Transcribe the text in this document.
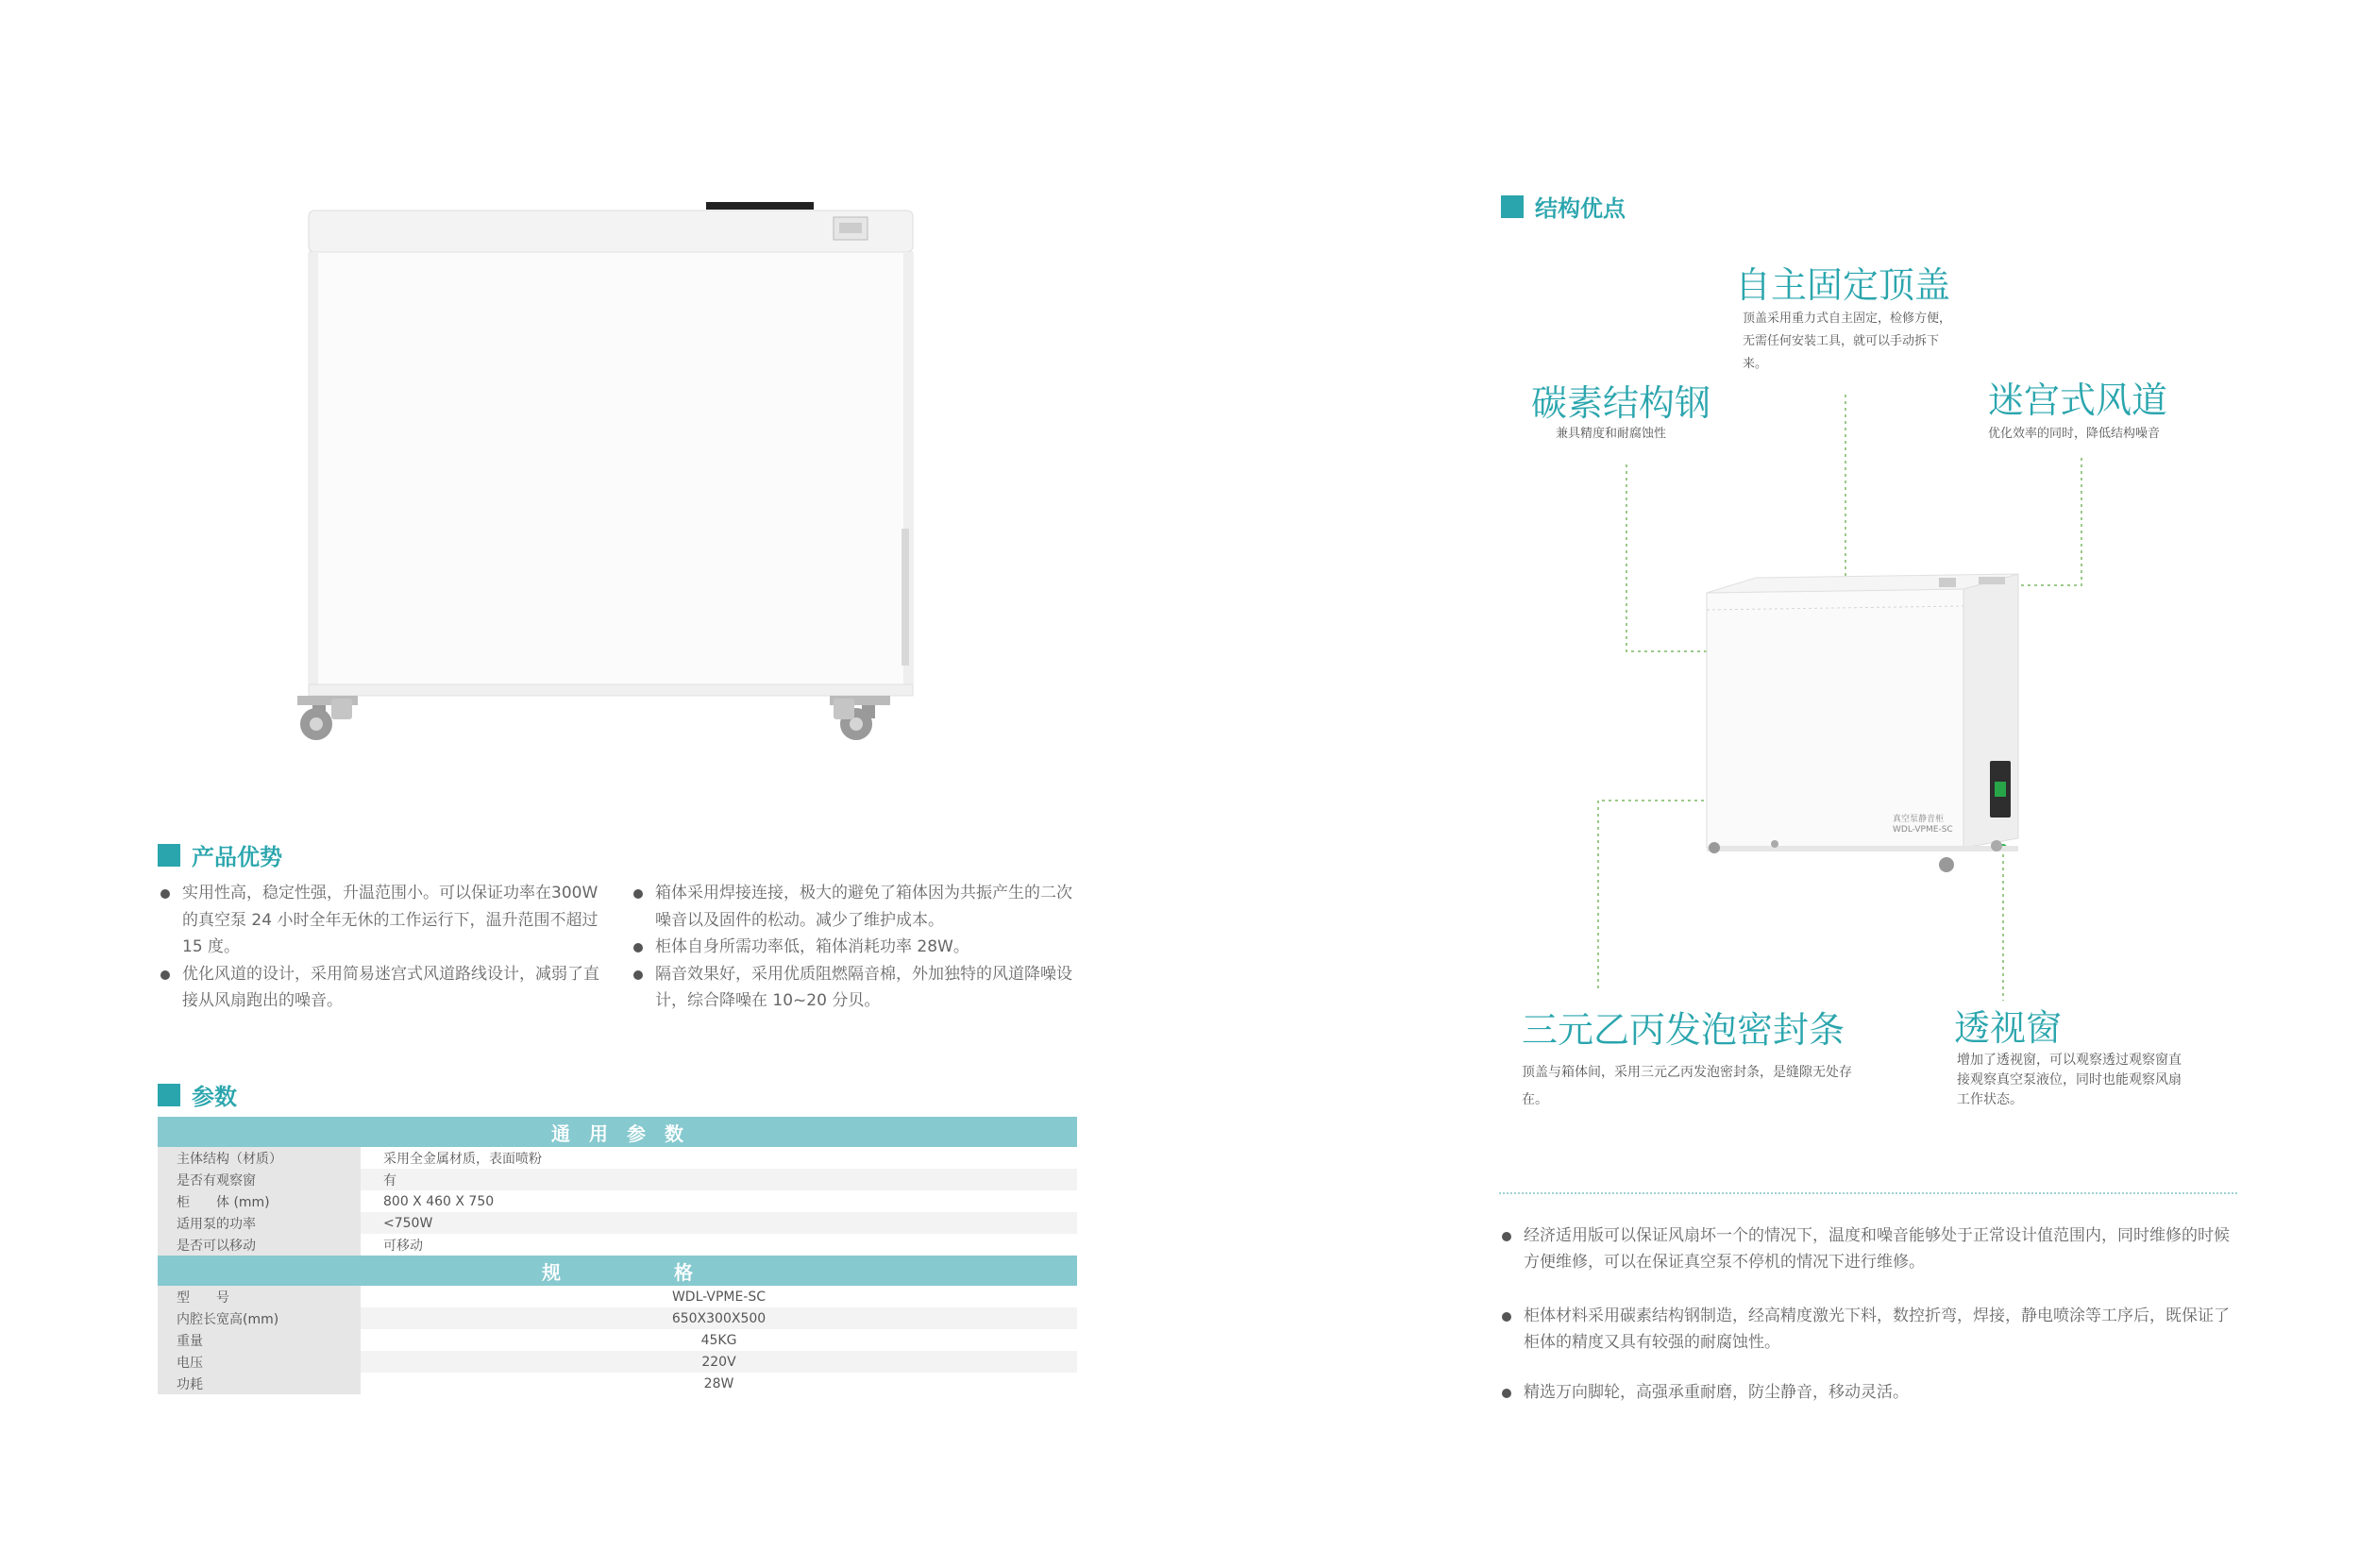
产品优势
实用性高，稳定性强，升温范围小。可以保证功率在300W 的真空泵 24 小时全年无休的工作运行下，温升范围不超过 15 度。
优化风道的设计，采用简易迷宫式风道路线设计，减弱了直接从风扇跑出的噪音。
箱体采用焊接连接，极大的避免了箱体因为共振产生的二次噪音以及固件的松动。减少了维护成本。
柜体自身所需功率低，箱体消耗功率 28W。
隔音效果好，采用优质阻燃隔音棉，外加独特的风道降噪设计，综合降噪在 10~20 分贝。
参数
通　用　参　数	
主体结构（材质）	采用全金属材质，表面喷粉
是否有观察窗	有
柜　　体 (mm)	800 X 460 X 750
适用泵的功率	<750W
是否可以移动	可移动
规　　　　　　格	
型　　号	WDL-VPME-SC
内腔长宽高(mm)	650X300X500
重量	45KG
电压	220V
功耗	28W
结构优点
真空泵静音柜 WDL-VPME-SC
自主固定顶盖
顶盖采用重力式自主固定，检修方便，无需任何安装工具，就可以手动拆下来。
碳素结构钢
兼具精度和耐腐蚀性
迷宫式风道
优化效率的同时，降低结构噪音
三元乙丙发泡密封条
顶盖与箱体间，采用三元乙丙发泡密封条，是缝隙无处存在。
透视窗
增加了透视窗，可以观察透过观察窗直接观察真空泵液位，同时也能观察风扇工作状态。
经济适用版可以保证风扇坏一个的情况下，温度和噪音能够处于正常设计值范围内，同时维修的时候 方便维修，可以在保证真空泵不停机的情况下进行维修。
柜体材料采用碳素结构钢制造，经高精度激光下料，数控折弯，焊接，静电喷涂等工序后，既保证了柜体的精度又具有较强的耐腐蚀性。
精选万向脚轮，高强承重耐磨，防尘静音，移动灵活。
